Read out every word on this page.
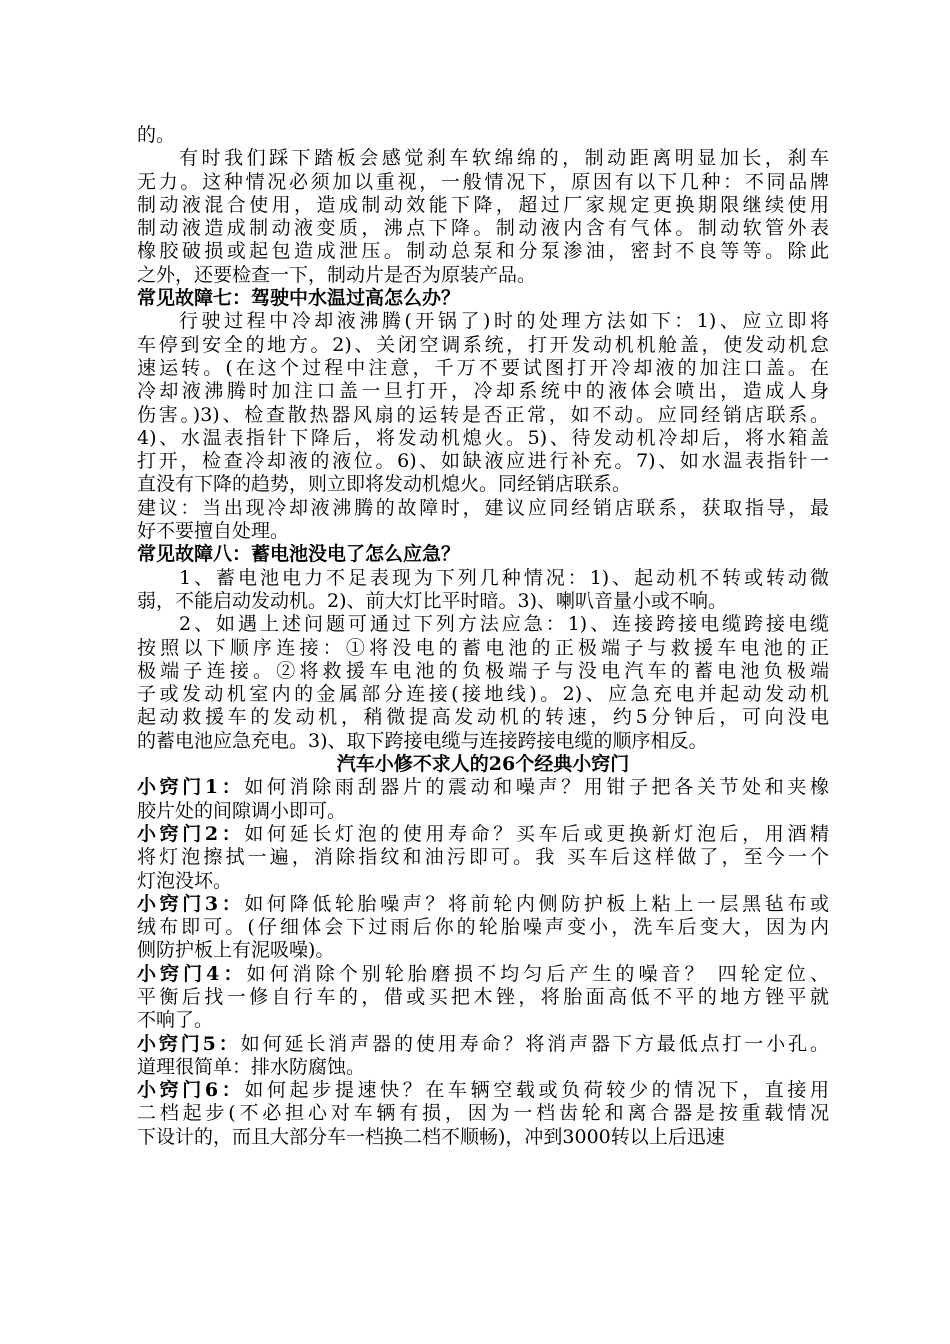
的。
有时我们踩下踏板会感觉刹车软绵绵的，制动距离明显加长，刹车
无力。这种情况必须加以重视，一般情况下，原因有以下几种：不同品牌
制动液混合使用，造成制动效能下降，超过厂家规定更换期限继续使用
制动液造成制动液变质，沸点下降。制动液内含有气体。制动软管外表
橡胶破损或起包造成泄压。制动总泵和分泵渗油，密封不良等等。除此
之外，还要检查一下，制动片是否为原装产品。
常见故障七：驾驶中水温过高怎么办？
行驶过程中冷却液沸腾(开锅了)时的处理方法如下：1)、应立即将
车停到安全的地方。2)、关闭空调系统，打开发动机机舱盖，使发动机怠
速运转。(在这个过程中注意，千万不要试图打开冷却液的加注口盖。在
冷却液沸腾时加注口盖一旦打开，冷却系统中的液体会喷出，造成人身
伤害。)3)、检查散热器风扇的运转是否正常，如不动。应同经销店联系。
4)、水温表指针下降后，将发动机熄火。5)、待发动机冷却后，将水箱盖
打开，检查冷却液的液位。6)、如缺液应进行补充。7)、如水温表指针一
直没有下降的趋势，则立即将发动机熄火。同经销店联系。
建议：当出现冷却液沸腾的故障时，建议应同经销店联系，获取指导，最
好不要擅自处理。
常见故障八：蓄电池没电了怎么应急？
1、蓄电池电力不足表现为下列几种情况：1)、起动机不转或转动微
弱，不能启动发动机。2)、前大灯比平时暗。3)、喇叭音量小或不响。
2、如遇上述问题可通过下列方法应急：1)、连接跨接电缆跨接电缆
按照以下顺序连接：①将没电的蓄电池的正极端子与救援车电池的正
极端子连接。②将救援车电池的负极端子与没电汽车的蓄电池负极端
子或发动机室内的金属部分连接(接地线)。2)、应急充电并起动发动机
起动救援车的发动机，稍微提高发动机的转速，约5分钟后，可向没电
的蓄电池应急充电。3)、取下跨接电缆与连接跨接电缆的顺序相反。
汽车小修不求人的26个经典小窍门
小窍门1：如何消除雨刮器片的震动和噪声？用钳子把各关节处和夹橡
胶片处的间隙调小即可。
小窍门2：如何延长灯泡的使用寿命？买车后或更换新灯泡后，用酒精
将灯泡擦拭一遍，消除指纹和油污即可。我 买车后这样做了，至今一个
灯泡没坏。
小窍门3：如何降低轮胎噪声？将前轮内侧防护板上粘上一层黑毡布或
绒布即可。(仔细体会下过雨后你的轮胎噪声变小，洗车后变大，因为内
侧防护板上有泥吸噪)。
小窍门4：如何消除个别轮胎磨损不均匀后产生的噪音？ 四轮定位、
平衡后找一修自行车的，借或买把木锉，将胎面高低不平的地方锉平就
不响了。
小窍门5：如何延长消声器的使用寿命？将消声器下方最低点打一小孔。
道理很简单：排水防腐蚀。
小窍门6：如何起步提速快？在车辆空载或负荷较少的情况下，直接用
二档起步(不必担心对车辆有损，因为一档齿轮和离合器是按重载情况
下设计的，而且大部分车一档换二档不顺畅)，冲到3000转以上后迅速
